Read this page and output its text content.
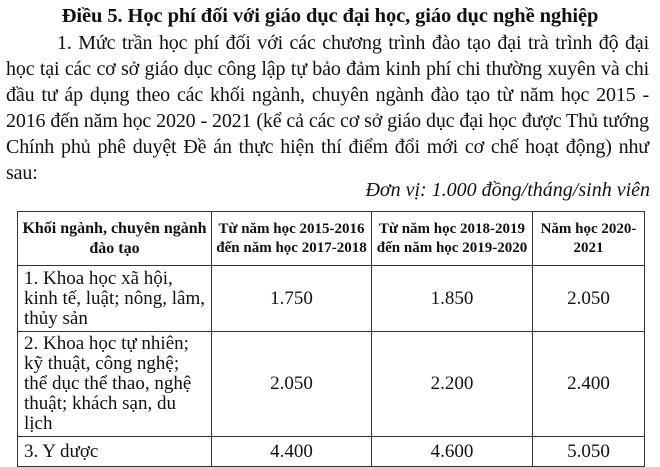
Điều 5. Học phí đối với giáo dục đại học, giáo dục nghề nghiệp
1. Mức trần học phí đối với các chương trình đào tạo đại trà trình độ đại học tại các cơ sở giáo dục công lập tự bảo đảm kinh phí chi thường xuyên và chi đầu tư áp dụng theo các khối ngành, chuyên ngành đào tạo từ năm học 2015 - 2016 đến năm học 2020 - 2021 (kể cả các cơ sở giáo dục đại học được Thủ tướng Chính phủ phê duyệt Đề án thực hiện thí điểm đổi mới cơ chế hoạt động) như sau:
Đơn vị: 1.000 đồng/tháng/sinh viên
Khối ngành, chuyên ngành đào tạo	Từ năm học 2015-2016 đến năm học 2017-2018	Từ năm học 2018-2019 đến năm học 2019-2020	Năm học 2020-2021
1. Khoa học xã hội, kinh tế, luật; nông, lâm, thủy sản	1.750	1.850	2.050
2. Khoa học tự nhiên; kỹ thuật, công nghệ; thể dục thể thao, nghệ thuật; khách sạn, du lịch	2.050	2.200	2.400
3. Y dược	4.400	4.600	5.050
